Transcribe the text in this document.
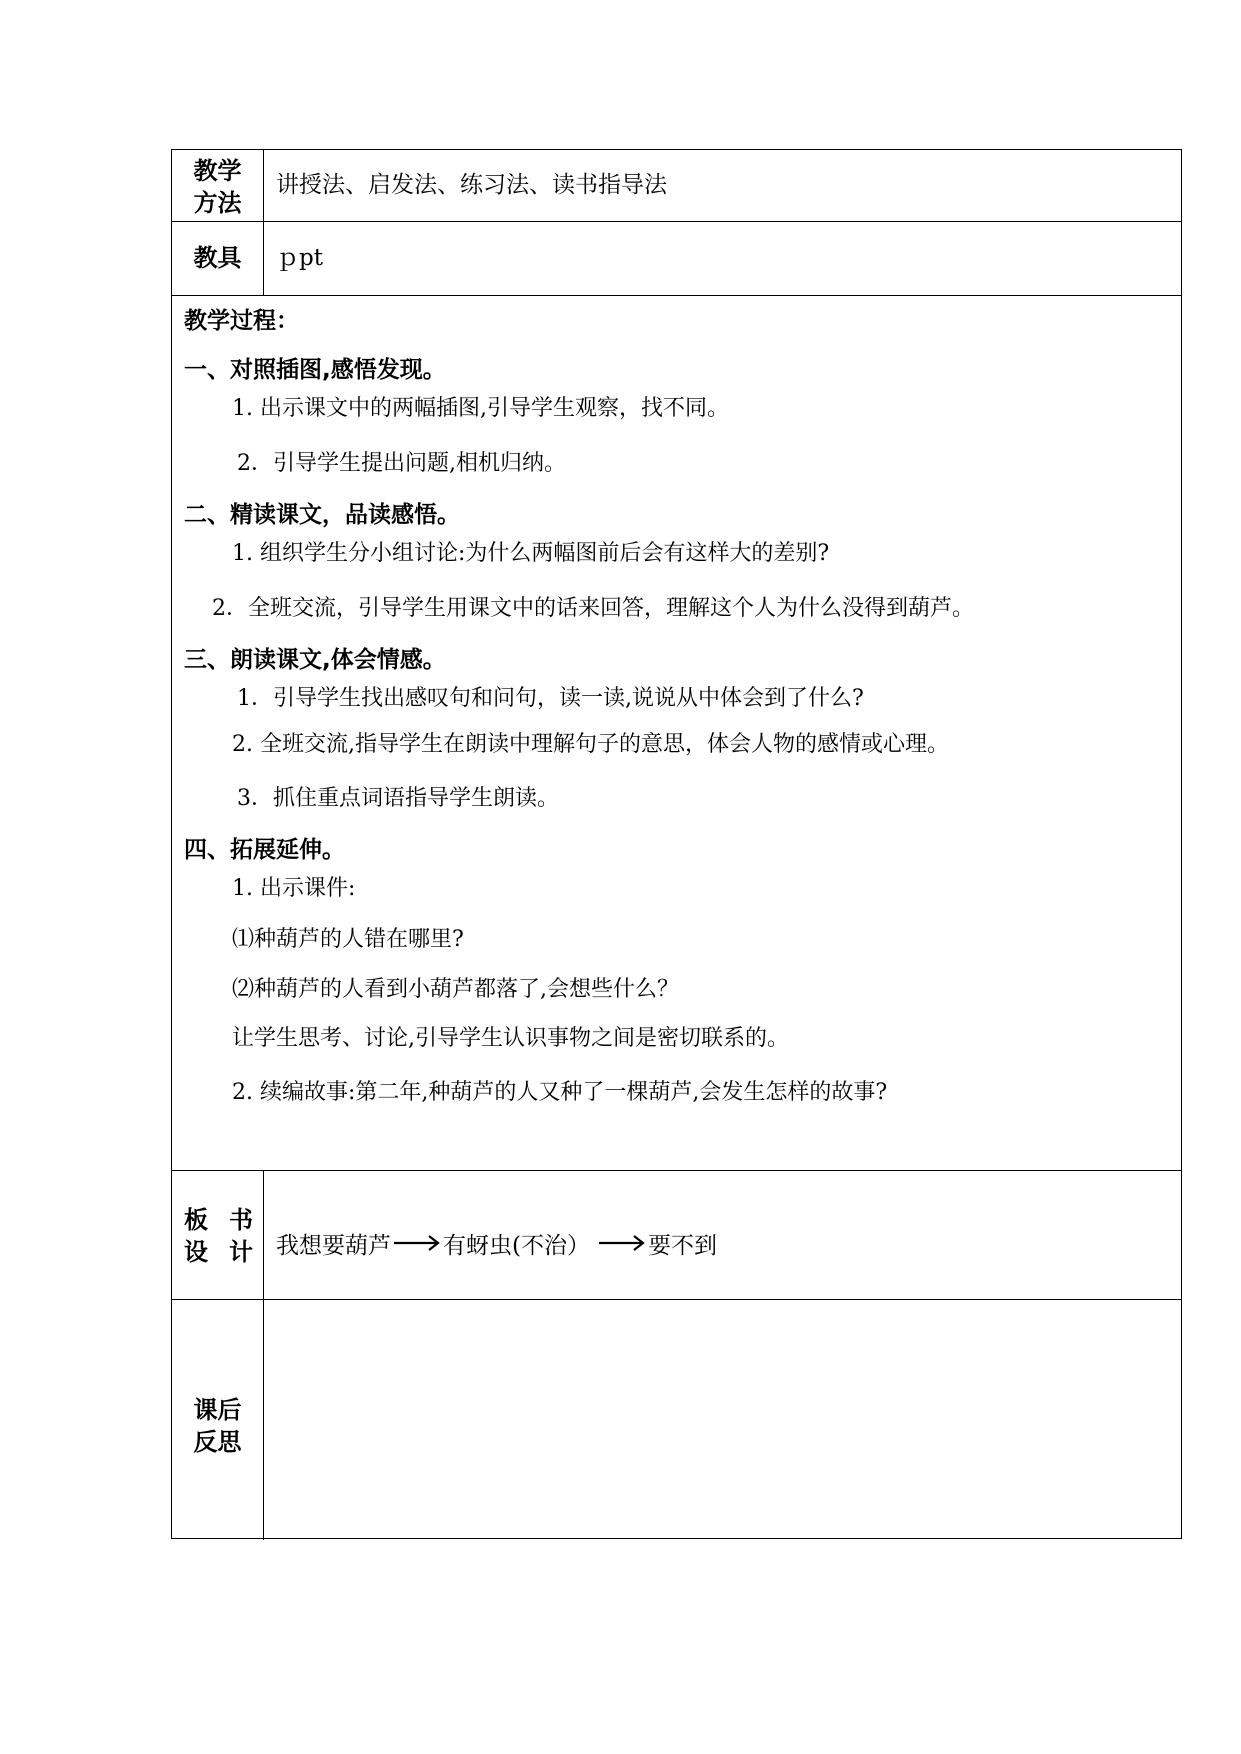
教学
方法
讲授法、启发法、练习法、读书指导法
教具	ｐpt
教学过程：
一、对照插图,感悟发现。
1. 出示课文中的两幅插图,引导学生观察，找不同。
2．引导学生提出问题,相机归纳。
二、精读课文，品读感悟。
1. 组织学生分小组讨论:为什么两幅图前后会有这样大的差别?
2．全班交流，引导学生用课文中的话来回答，理解这个人为什么没得到葫芦。
三、朗读课文,体会情感。
1．引导学生找出感叹句和问句，读一读,说说从中体会到了什么?
2. 全班交流,指导学生在朗读中理解句子的意思，体会人物的感情或心理。
3．抓住重点词语指导学生朗读。
四、拓展延伸。
1. 出示课件:
⑴种葫芦的人错在哪里?
⑵种葫芦的人看到小葫芦都落了,会想些什么？
让学生思考、讨论,引导学生认识事物之间是密切联系的。
2. 续编故事:第二年,种葫芦的人又种了一棵葫芦,会发生怎样的故事?
板 书
设 计 我想要葫芦 有蚜虫(不治）	要不到
课后
反思
